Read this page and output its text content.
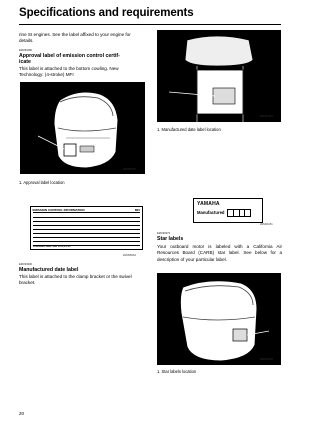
Specifications and requirements
rine SI engines. See the label affixed to your engine for details.
EMU51080
Approval label of emission control certif-
icate
This label is attached to the bottom cowling. New Technology: (4-stroke) MFI
1
ZMU05797
1. Approval label location
EMISSION CONTROL INFORMATION	MFI
YAMAHA MOTOR CO.,LTD.
ZMU05664
EMU33300
Manufactured date label
This label is attached to the clamp bracket or the swivel bracket.
1
ZMU04751
1. Manufactured date label location
YAMAHA
Manufactured
ZMU01151
EMU30373
Star labels
Your outboard motor is labeled with a California Air Resources Board (CARB) star label. See below for a description of your particular label.
1
ZMU05666
1. Star labels location
20
